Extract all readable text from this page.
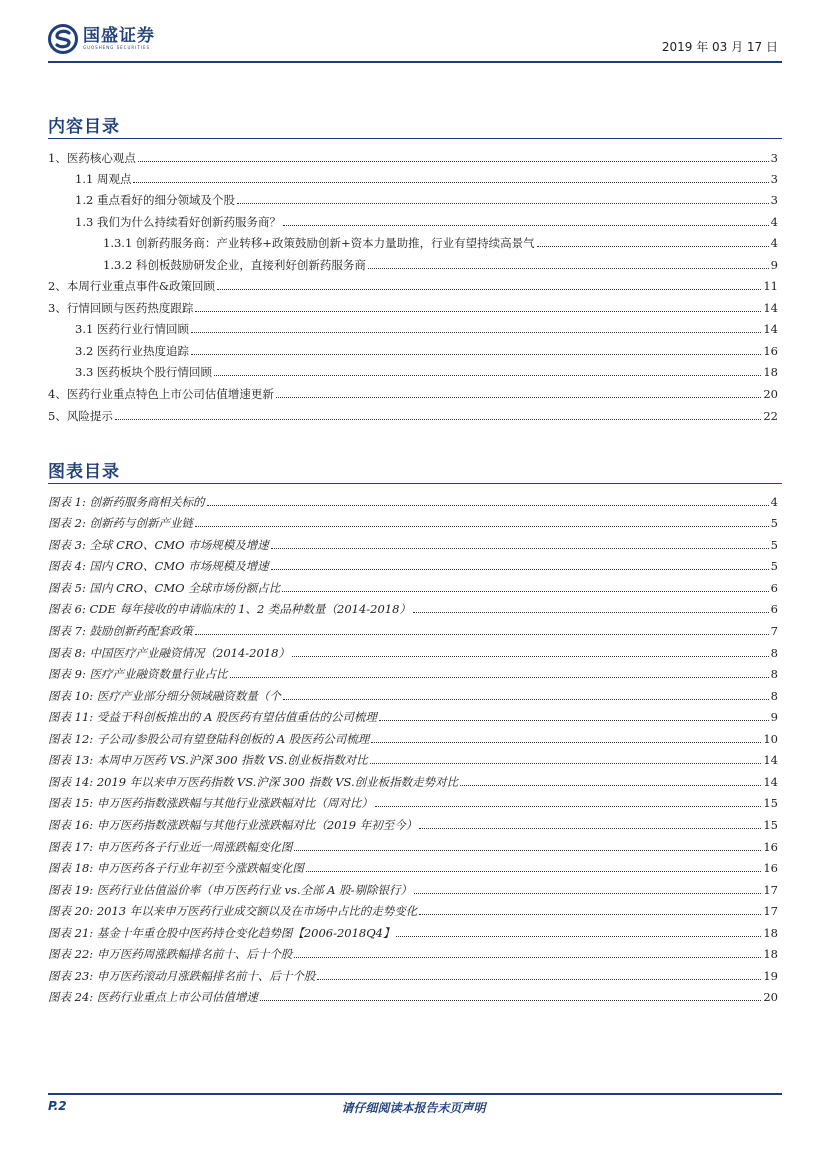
国盛证券
GUOSHENG SECURITIES	2019 年 03 月 17 日
内容目录
1、医药核心观点	3
1.1 周观点	3
1.2 重点看好的细分领域及个股	3
1.3 我们为什么持续看好创新药服务商？	4
1.3.1 创新药服务商：产业转移+政策鼓励创新+资本力量助推，行业有望持续高景气	4
1.3.2 科创板鼓励研发企业，直接利好创新药服务商	9
2、本周行业重点事件&政策回顾	11
3、行情回顾与医药热度跟踪	14
3.1 医药行业行情回顾	14
3.2 医药行业热度追踪	16
3.3 医药板块个股行情回顾	18
4、医药行业重点特色上市公司估值增速更新	20
5、风险提示	22
图表目录
图表 1: 创新药服务商相关标的	4
图表 2: 创新药与创新产业链	5
图表 3: 全球 CRO、CMO 市场规模及增速	5
图表 4: 国内 CRO、CMO 市场规模及增速	5
图表 5: 国内 CRO、CMO 全球市场份额占比	6
图表 6: CDE 每年接收的申请临床的 1、2 类品种数量（2014-2018）	6
图表 7: 鼓励创新药配套政策	7
图表 8: 中国医疗产业融资情况（2014-2018）	8
图表 9: 医疗产业融资数量行业占比	8
图表 10: 医疗产业部分细分领域融资数量（个	8
图表 11: 受益于科创板推出的 A 股医药有望估值重估的公司梳理	9
图表 12: 子公司/参股公司有望登陆科创板的 A 股医药公司梳理	10
图表 13: 本周申万医药 VS.沪深 300 指数 VS.创业板指数对比	14
图表 14: 2019 年以来申万医药指数 VS.沪深 300 指数 VS.创业板指数走势对比	14
图表 15: 申万医药指数涨跌幅与其他行业涨跌幅对比（周对比）	15
图表 16: 申万医药指数涨跌幅与其他行业涨跌幅对比（2019 年初至今）	15
图表 17: 申万医药各子行业近一周涨跌幅变化图	16
图表 18: 申万医药各子行业年初至今涨跌幅变化图	16
图表 19: 医药行业估值溢价率（申万医药行业 vs.全部 A 股-剔除银行）	17
图表 20: 2013 年以来申万医药行业成交额以及在市场中占比的走势变化	17
图表 21: 基金十年重仓股中医药持仓变化趋势图【2006-2018Q4】	18
图表 22: 申万医药周涨跌幅排名前十、后十个股	18
图表 23: 申万医药滚动月涨跌幅排名前十、后十个股	19
图表 24: 医药行业重点上市公司估值增速	20
P.2	请仔细阅读本报告末页声明
